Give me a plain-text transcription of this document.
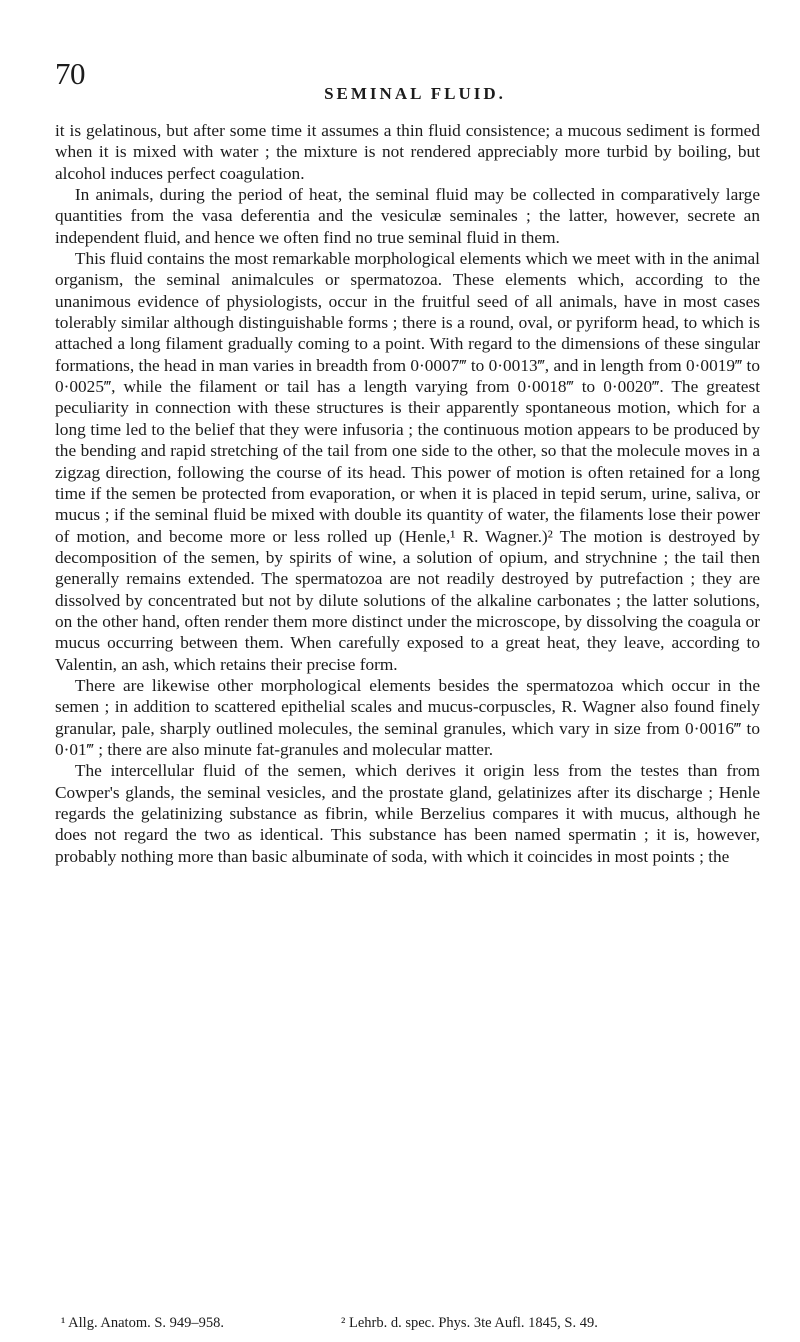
70
SEMINAL FLUID.

it is gelatinous, but after some time it assumes a thin fluid consistence; a mucous sediment is formed when it is mixed with water ; the mixture is not rendered appreciably more turbid by boiling, but alcohol induces perfect coagulation.

In animals, during the period of heat, the seminal fluid may be collected in comparatively large quantities from the vasa deferentia and the vesiculæ seminales ; the latter, however, secrete an independent fluid, and hence we often find no true seminal fluid in them.

This fluid contains the most remarkable morphological elements which we meet with in the animal organism, the seminal animalcules or spermatozoa. These elements which, according to the unanimous evidence of physiologists, occur in the fruitful seed of all animals, have in most cases tolerably similar although distinguishable forms ; there is a round, oval, or pyriform head, to which is attached a long filament gradually coming to a point. With regard to the dimensions of these singular formations, the head in man varies in breadth from 0·0007‴ to 0·0013‴, and in length from 0·0019‴ to 0·0025‴, while the filament or tail has a length varying from 0·0018‴ to 0·0020‴. The greatest peculiarity in connection with these structures is their apparently spontaneous motion, which for a long time led to the belief that they were infusoria ; the continuous motion appears to be produced by the bending and rapid stretching of the tail from one side to the other, so that the molecule moves in a zigzag direction, following the course of its head. This power of motion is often retained for a long time if the semen be protected from evaporation, or when it is placed in tepid serum, urine, saliva, or mucus ; if the seminal fluid be mixed with double its quantity of water, the filaments lose their power of motion, and become more or less rolled up (Henle,¹ R. Wagner.)² The motion is destroyed by decomposition of the semen, by spirits of wine, a solution of opium, and strychnine ; the tail then generally remains extended. The spermatozoa are not readily destroyed by putrefaction ; they are dissolved by concentrated but not by dilute solutions of the alkaline carbonates ; the latter solutions, on the other hand, often render them more distinct under the microscope, by dissolving the coagula or mucus occurring between them. When carefully exposed to a great heat, they leave, according to Valentin, an ash, which retains their precise form.

There are likewise other morphological elements besides the spermatozoa which occur in the semen ; in addition to scattered epithelial scales and mucus-corpuscles, R. Wagner also found finely granular, pale, sharply outlined molecules, the seminal granules, which vary in size from 0·0016‴ to 0·01‴ ; there are also minute fat-granules and molecular matter.

The intercellular fluid of the semen, which derives it origin less from the testes than from Cowper's glands, the seminal vesicles, and the prostate gland, gelatinizes after its discharge ; Henle regards the gelatinizing substance as fibrin, while Berzelius compares it with mucus, although he does not regard the two as identical. This substance has been named spermatin ; it is, however, probably nothing more than basic albuminate of soda, with which it coincides in most points ; the

¹ Allg. Anatom. S. 949–958.	² Lehrb. d. spec. Phys. 3te Aufl. 1845, S. 49.
